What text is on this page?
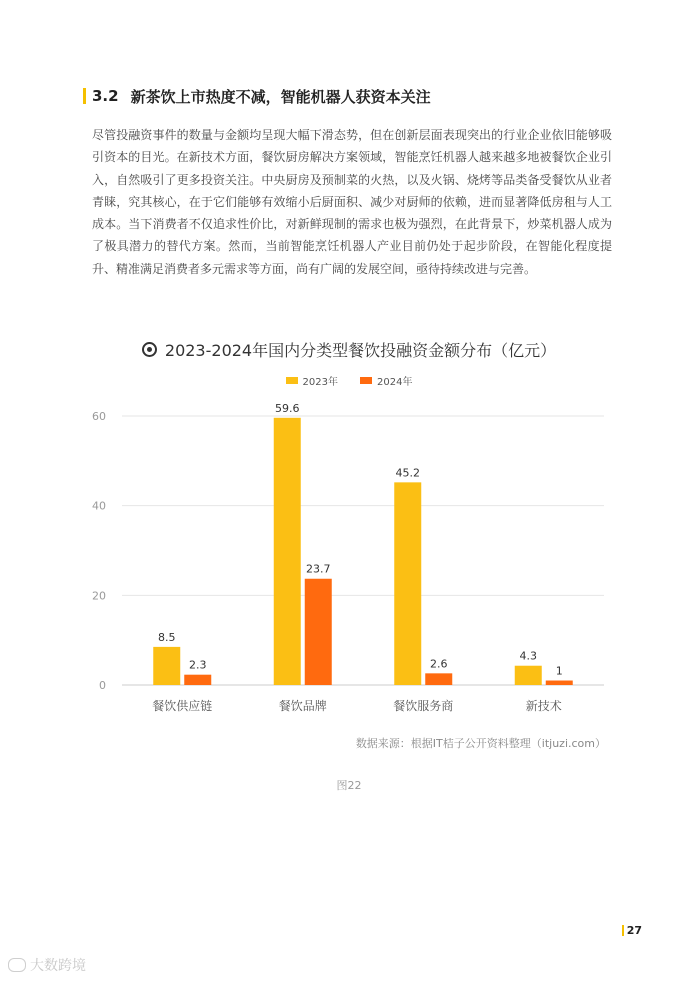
3.2 新茶饮上市热度不减，智能机器人获资本关注
尽管投融资事件的数量与金额均呈现大幅下滑态势，但在创新层面表现突出的行业企业依旧能够吸引资本的目光。在新技术方面，餐饮厨房解决方案领域，智能烹饪机器人越来越多地被餐饮企业引入，自然吸引了更多投资关注。中央厨房及预制菜的火热，以及火锅、烧烤等品类备受餐饮从业者青睐，究其核心，在于它们能够有效缩小后厨面积、减少对厨师的依赖，进而显著降低房租与人工成本。当下消费者不仅追求性价比，对新鲜现制的需求也极为强烈，在此背景下，炒菜机器人成为了极具潜力的替代方案。然而，当前智能烹饪机器人产业目前仍处于起步阶段，在智能化程度提升、精准满足消费者多元需求等方面，尚有广阔的发展空间，亟待持续改进与完善。
2023-2024年国内分类型餐饮投融资金额分布（亿元）
2023年	2024年
0
20
40
60
8.5
2.3
餐饮供应链
59.6
23.7
餐饮品牌
45.2
2.6
餐饮服务商
4.3
1
新技术
数据来源：根据IT桔子公开资料整理（itjuzi.com）
图22
27
大数跨境
